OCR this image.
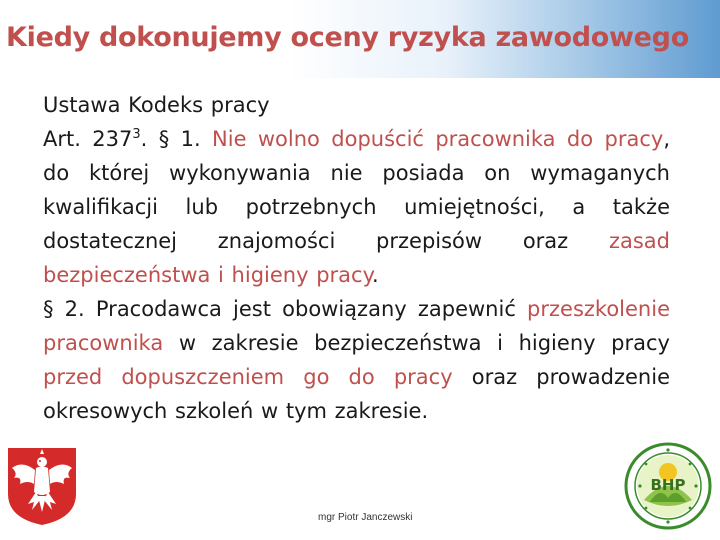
Kiedy dokonujemy oceny ryzyka zawodowego

Ustawa Kodeks pracy

Art. $237^3$. § 1. Nie wolno dopuścić pracownika do pracy, do której wykonywania nie posiada on wymaganych kwalifikacji lub potrzebnych umiejętności, a także dostatecznej znajomości przepisów oraz zasad bezpieczeństwa i higieny pracy.

§ 2. Pracodawca jest obowiązany zapewnić przeszkolenie pracownika w zakresie bezpieczeństwa i higieny pracy przed dopuszczeniem go do pracy oraz prowadzenie okresowych szkoleń w tym zakresie.

BHP
mgr Piotr Janczewski
